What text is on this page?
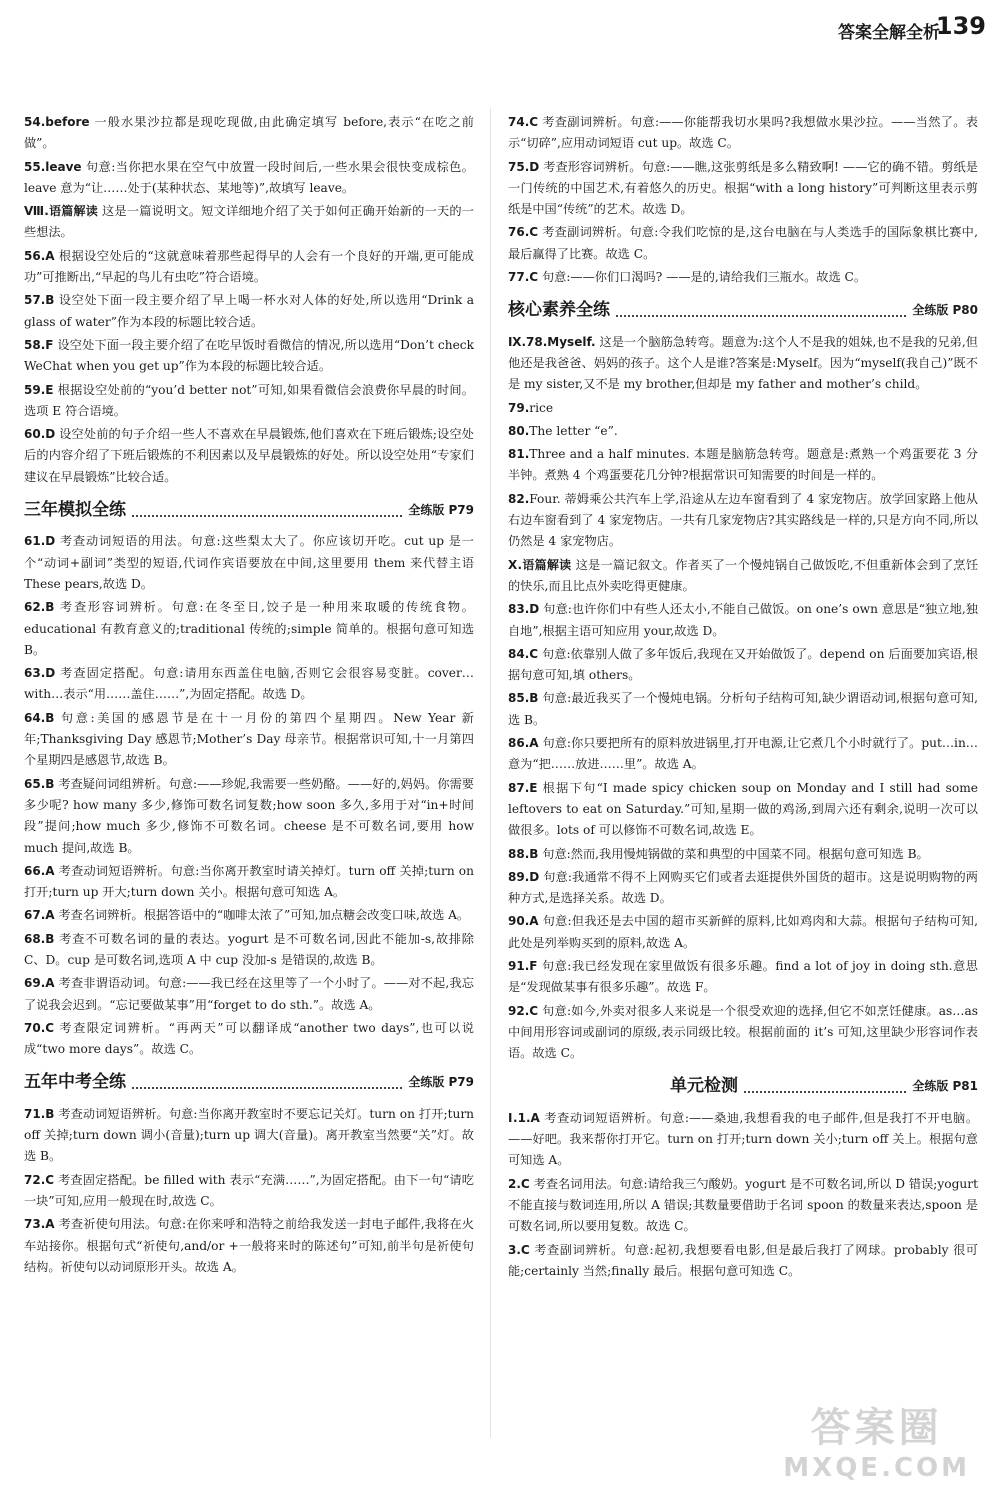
答案全解全析
139
54.before 一般水果沙拉都是现吃现做,由此确定填写 before,表示“在吃之前做”。
55.leave 句意:当你把水果在空气中放置一段时间后,一些水果会很快变成棕色。leave 意为“让……处于(某种状态、某地等)”,故填写 leave。
Ⅷ.语篇解读 这是一篇说明文。短文详细地介绍了关于如何正确开始新的一天的一些想法。
56.A 根据设空处后的“这就意味着那些起得早的人会有一个良好的开端,更可能成功”可推断出,“早起的鸟儿有虫吃”符合语境。
57.B 设空处下面一段主要介绍了早上喝一杯水对人体的好处,所以选用“Drink a glass of water”作为本段的标题比较合适。
58.F 设空处下面一段主要介绍了在吃早饭时看微信的情况,所以选用“Don’t check WeChat when you get up”作为本段的标题比较合适。
59.E 根据设空处前的“you’d better not”可知,如果看微信会浪费你早晨的时间。选项 E 符合语境。
60.D 设空处前的句子介绍一些人不喜欢在早晨锻炼,他们喜欢在下班后锻炼;设空处后的内容介绍了下班后锻炼的不利因素以及早晨锻炼的好处。所以设空处用“专家们建议在早晨锻炼”比较合适。
三年模拟全练	全练版 P79
61.D 考查动词短语的用法。句意:这些梨太大了。你应该切开吃。cut up 是一个“动词+副词”类型的短语,代词作宾语要放在中间,这里要用 them 来代替主语 These pears,故选 D。
62.B 考查形容词辨析。句意:在冬至日,饺子是一种用来取暖的传统食物。educational 有教育意义的;traditional 传统的;simple 简单的。根据句意可知选 B。
63.D 考查固定搭配。句意:请用东西盖住电脑,否则它会很容易变脏。cover…with…表示“用……盖住……”,为固定搭配。故选 D。
64.B 句意:美国的感恩节是在十一月份的第四个星期四。New Year 新年;Thanksgiving Day 感恩节;Mother’s Day 母亲节。根据常识可知,十一月第四个星期四是感恩节,故选 B。
65.B 考查疑问词组辨析。句意:——珍妮,我需要一些奶酪。——好的,妈妈。你需要多少呢? how many 多少,修饰可数名词复数;how soon 多久,多用于对“in+时间段”提问;how much 多少,修饰不可数名词。cheese 是不可数名词,要用 how much 提问,故选 B。
66.A 考查动词短语辨析。句意:当你离开教室时请关掉灯。turn off 关掉;turn on 打开;turn up 开大;turn down 关小。根据句意可知选 A。
67.A 考查名词辨析。根据答语中的“咖啡太浓了”可知,加点糖会改变口味,故选 A。
68.B 考查不可数名词的量的表达。yogurt 是不可数名词,因此不能加-s,故排除 C、D。cup 是可数名词,选项 A 中 cup 没加-s 是错误的,故选 B。
69.A 考查非谓语动词。句意:——我已经在这里等了一个小时了。——对不起,我忘了说我会迟到。“忘记要做某事”用“forget to do sth.”。故选 A。
70.C 考查限定词辨析。“再两天”可以翻译成“another two days”,也可以说成“two more days”。故选 C。
五年中考全练	全练版 P79
71.B 考查动词短语辨析。句意:当你离开教室时不要忘记关灯。turn on 打开;turn off 关掉;turn down 调小(音量);turn up 调大(音量)。离开教室当然要“关”灯。故选 B。
72.C 考查固定搭配。be filled with 表示“充满……”,为固定搭配。由下一句“请吃一块”可知,应用一般现在时,故选 C。
73.A 考查祈使句用法。句意:在你来呼和浩特之前给我发送一封电子邮件,我将在火车站接你。根据句式“祈使句,and/or +一般将来时的陈述句”可知,前半句是祈使句结构。祈使句以动词原形开头。故选 A。
74.C 考查副词辨析。句意:——你能帮我切水果吗?我想做水果沙拉。——当然了。表示“切碎”,应用动词短语 cut up。故选 C。
75.D 考查形容词辨析。句意:——瞧,这张剪纸是多么精致啊! ——它的确不错。剪纸是一门传统的中国艺术,有着悠久的历史。根据“with a long history”可判断这里表示剪纸是中国“传统”的艺术。故选 D。
76.C 考查副词辨析。句意:令我们吃惊的是,这台电脑在与人类选手的国际象棋比赛中,最后赢得了比赛。故选 C。
77.C 句意:——你们口渴吗? ——是的,请给我们三瓶水。故选 C。
核心素养全练	全练版 P80
Ⅸ.78.Myself. 这是一个脑筋急转弯。题意为:这个人不是我的姐妹,也不是我的兄弟,但他还是我爸爸、妈妈的孩子。这个人是谁?答案是:Myself。因为“myself(我自己)”既不是 my sister,又不是 my brother,但却是 my father and mother’s child。
79.rice
80.The letter “e”.
81.Three and a half minutes. 本题是脑筋急转弯。题意是:煮熟一个鸡蛋要花 3 分半钟。煮熟 4 个鸡蛋要花几分钟?根据常识可知需要的时间是一样的。
82.Four. 蒂姆乘公共汽车上学,沿途从左边车窗看到了 4 家宠物店。放学回家路上他从右边车窗看到了 4 家宠物店。一共有几家宠物店?其实路线是一样的,只是方向不同,所以仍然是 4 家宠物店。
Ⅹ.语篇解读 这是一篇记叙文。作者买了一个慢炖锅自己做饭吃,不但重新体会到了烹饪的快乐,而且比点外卖吃得更健康。
83.D 句意:也许你们中有些人还太小,不能自己做饭。on one’s own 意思是“独立地,独自地”,根据主语可知应用 your,故选 D。
84.C 句意:依靠别人做了多年饭后,我现在又开始做饭了。depend on 后面要加宾语,根据句意可知,填 others。
85.B 句意:最近我买了一个慢炖电锅。分析句子结构可知,缺少谓语动词,根据句意可知,选 B。
86.A 句意:你只要把所有的原料放进锅里,打开电源,让它煮几个小时就行了。put…in…意为“把……放进……里”。故选 A。
87.E 根据下句“I made spicy chicken soup on Monday and I still had some leftovers to eat on Saturday.”可知,星期一做的鸡汤,到周六还有剩余,说明一次可以做很多。lots of 可以修饰不可数名词,故选 E。
88.B 句意:然而,我用慢炖锅做的菜和典型的中国菜不同。根据句意可知选 B。
89.D 句意:我通常不得不上网购买它们或者去逛提供外国货的超市。这是说明购物的两种方式,是选择关系。故选 D。
90.A 句意:但我还是去中国的超市买新鲜的原料,比如鸡肉和大蒜。根据句子结构可知,此处是列举购买到的原料,故选 A。
91.F 句意:我已经发现在家里做饭有很多乐趣。find a lot of joy in doing sth.意思是“发现做某事有很多乐趣”。故选 F。
92.C 句意:如今,外卖对很多人来说是一个很受欢迎的选择,但它不如烹饪健康。as…as 中间用形容词或副词的原级,表示同级比较。根据前面的 it’s 可知,这里缺少形容词作表语。故选 C。
单元检测	全练版 P81
Ⅰ.1.A 考查动词短语辨析。句意:——桑迪,我想看我的电子邮件,但是我打不开电脑。——好吧。我来帮你打开它。turn on 打开;turn down 关小;turn off 关上。根据句意可知选 A。
2.C 考查名词用法。句意:请给我三勺酸奶。yogurt 是不可数名词,所以 D 错误;yogurt 不能直接与数词连用,所以 A 错误;其数量要借助于名词 spoon 的数量来表达,spoon 是可数名词,所以要用复数。故选 C。
3.C 考查副词辨析。句意:起初,我想要看电影,但是最后我打了网球。probably 很可能;certainly 当然;finally 最后。根据句意可知选 C。
答案圈
MXQE.COM
